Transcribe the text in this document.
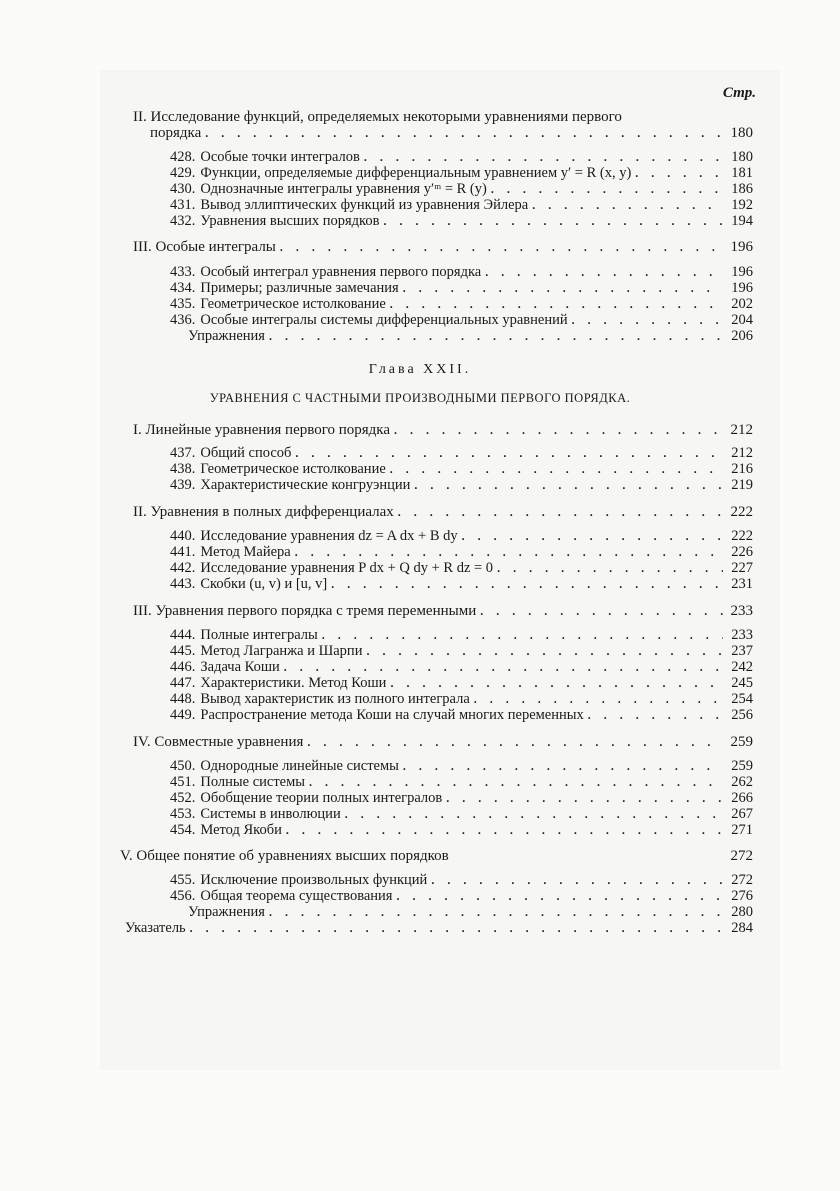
Стр.
II. Исследование функций, определяемых некоторыми уравнениями первого
порядка . . .	180
428. Особые точки интегралов . . .	180
429. Функции, определяемые дифференциальным уравнением y′ = R (x, y) . . .	181
430. Однозначные интегралы уравнения y′ᵐ = R (y) . . .	186
431. Вывод эллиптических функций из уравнения Эйлера . . .	192
432. Уравнения высших порядков . . .	194
III. Особые интегралы . . .	196
433. Особый интеграл уравнения первого порядка . . .	196
434. Примеры; различные замечания . . .	196
435. Геометрическое истолкование . . .	202
436. Особые интегралы системы дифференциальных уравнений . . .	204
Упражнения . . .	206
Глава XXII.
УРАВНЕНИЯ С ЧАСТНЫМИ ПРОИЗВОДНЫМИ ПЕРВОГО ПОРЯДКА.
I. Линейные уравнения первого порядка . . .	212
437. Общий способ . . .	212
438. Геометрическое истолкование . . .	216
439. Характеристические конгруэнции . . .	219
II. Уравнения в полных дифференциалах . . .	222
440. Исследование уравнения dz = A dx + B dy . . .	222
441. Метод Майера . . .	226
442. Исследование уравнения P dx + Q dy + R dz = 0 . . .	227
443. Скобки (u, v) и [u, v] . . .	231
III. Уравнения первого порядка с тремя переменными . . .	233
444. Полные интегралы . . .	233
445. Метод Лагранжа и Шарпи . . .	237
446. Задача Коши . . .	242
447. Характеристики. Метод Коши . . .	245
448. Вывод характеристик из полного интеграла . . .	254
449. Распространение метода Коши на случай многих переменных . . .	256
IV. Совместные уравнения . . .	259
450. Однородные линейные системы . . .	259
451. Полные системы . . .	262
452. Обобщение теории полных интегралов . . .	266
453. Системы в инволюции . . .	267
454. Метод Якоби . . .	271
V. Общее понятие об уравнениях высших порядков	272
455. Исключение произвольных функций . . .	272
456. Общая теорема существования . . .	276
Упражнения . . .	280
Указатель . . .	284
